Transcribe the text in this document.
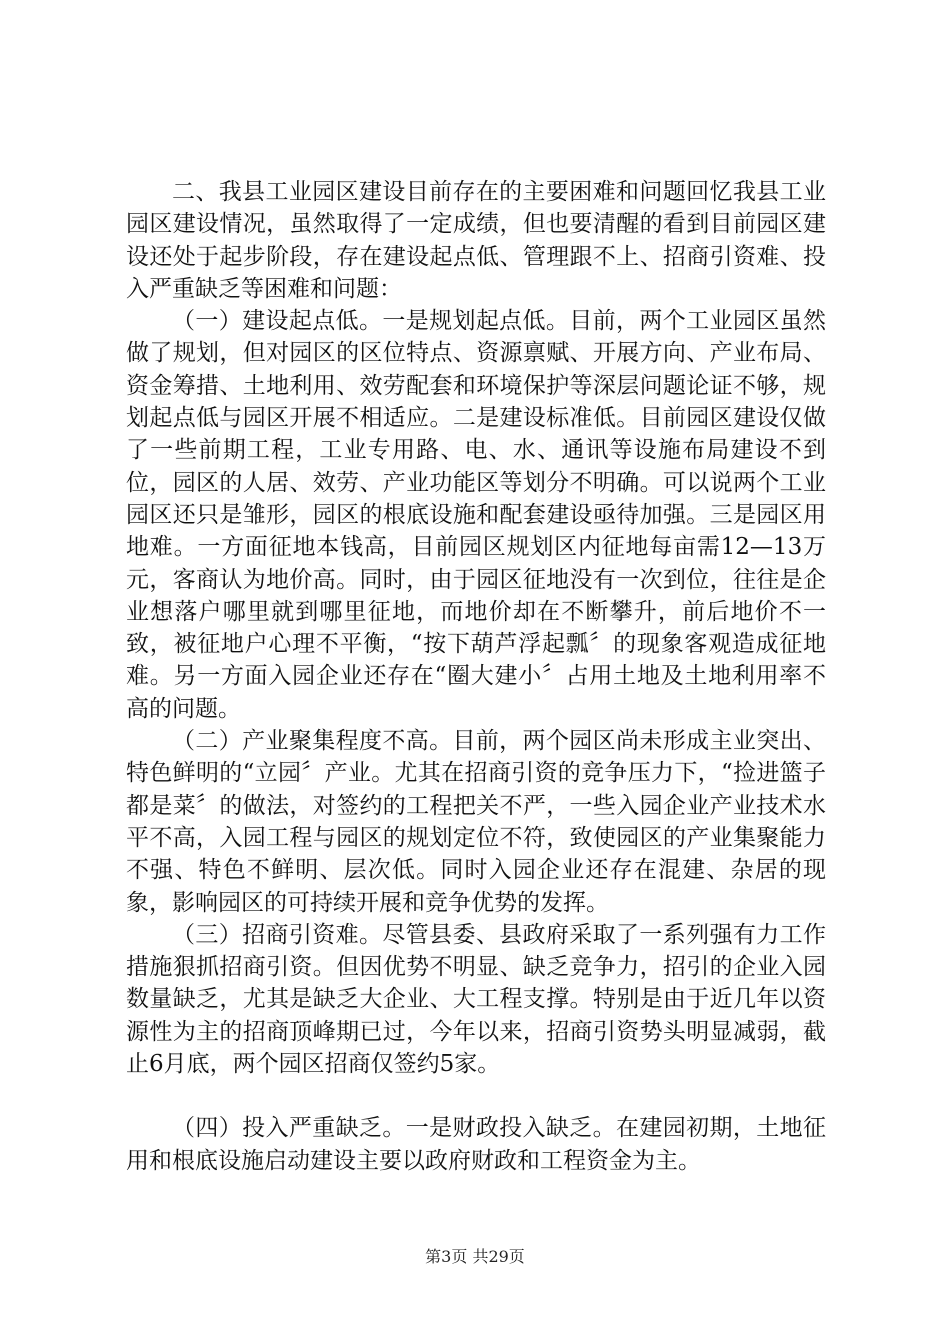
二、我县工业园区建设目前存在的主要困难和问题回忆我县工业园区建设情况，虽然取得了一定成绩，但也要清醒的看到目前园区建设还处于起步阶段，存在建设起点低、管理跟不上、招商引资难、投入严重缺乏等困难和问题：

（一）建设起点低。一是规划起点低。目前，两个工业园区虽然做了规划，但对园区的区位特点、资源禀赋、开展方向、产业布局、资金筹措、土地利用、效劳配套和环境保护等深层问题论证不够，规划起点低与园区开展不相适应。二是建设标准低。目前园区建设仅做了一些前期工程，工业专用路、电、水、通讯等设施布局建设不到位，园区的人居、效劳、产业功能区等划分不明确。可以说两个工业园区还只是雏形，园区的根底设施和配套建设亟待加强。三是园区用地难。一方面征地本钱高，目前园区规划区内征地每亩需12—13万元，客商认为地价高。同时，由于园区征地没有一次到位，往往是企业想落户哪里就到哪里征地，而地价却在不断攀升，前后地价不一致，被征地户心理不平衡，“按下葫芦浮起瓢〞的现象客观造成征地难。另一方面入园企业还存在“圈大建小〞占用土地及土地利用率不高的问题。

（二）产业聚集程度不高。目前，两个园区尚未形成主业突出、特色鲜明的“立园〞产业。尤其在招商引资的竞争压力下，“捡进篮子都是菜〞的做法，对签约的工程把关不严，一些入园企业产业技术水平不高，入园工程与园区的规划定位不符，致使园区的产业集聚能力不强、特色不鲜明、层次低。同时入园企业还存在混建、杂居的现象，影响园区的可持续开展和竞争优势的发挥。

（三）招商引资难。尽管县委、县政府采取了一系列强有力工作措施狠抓招商引资。但因优势不明显、缺乏竞争力，招引的企业入园数量缺乏，尤其是缺乏大企业、大工程支撑。特别是由于近几年以资源性为主的招商顶峰期已过，今年以来，招商引资势头明显减弱，截止6月底，两个园区招商仅签约5家。

（四）投入严重缺乏。一是财政投入缺乏。在建园初期，土地征用和根底设施启动建设主要以政府财政和工程资金为主。

第3页 共29页
